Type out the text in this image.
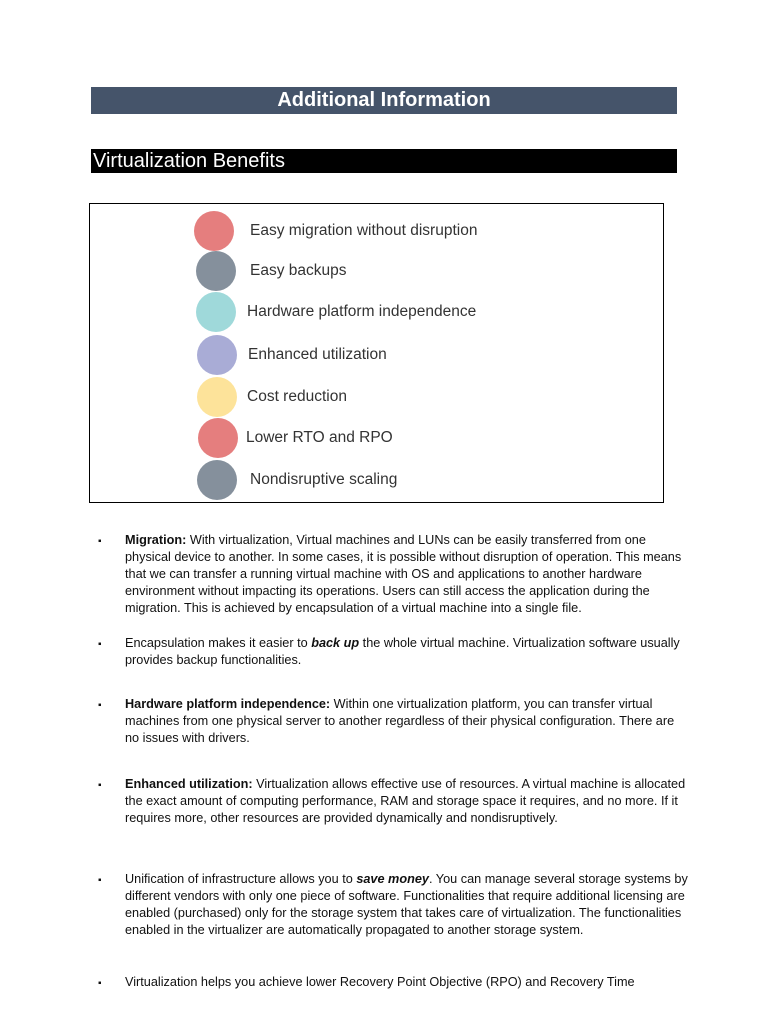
Additional Information
Virtualization Benefits
Easy migration without disruption
Easy backups
Hardware platform independence
Enhanced utilization
Cost reduction
Lower RTO and RPO
Nondisruptive scaling
▪ Migration: With virtualization, Virtual machines and LUNs can be easily transferred from one physical device to another. In some cases, it is possible without disruption of operation. This means that we can transfer a running virtual machine with OS and applications to another hardware environment without impacting its operations. Users can still access the application during the migration. This is achieved by encapsulation of a virtual machine into a single file.
▪ Encapsulation makes it easier to back up the whole virtual machine. Virtualization software usually provides backup functionalities.
▪ Hardware platform independence: Within one virtualization platform, you can transfer virtual machines from one physical server to another regardless of their physical configuration. There are no issues with drivers.
▪ Enhanced utilization: Virtualization allows effective use of resources. A virtual machine is allocated the exact amount of computing performance, RAM and storage space it requires, and no more. If it requires more, other resources are provided dynamically and nondisruptively.
▪ Unification of infrastructure allows you to save money. You can manage several storage systems by different vendors with only one piece of software. Functionalities that require additional licensing are enabled (purchased) only for the storage system that takes care of virtualization. The functionalities enabled in the virtualizer are automatically propagated to another storage system.
▪ Virtualization helps you achieve lower Recovery Point Objective (RPO) and Recovery Time
